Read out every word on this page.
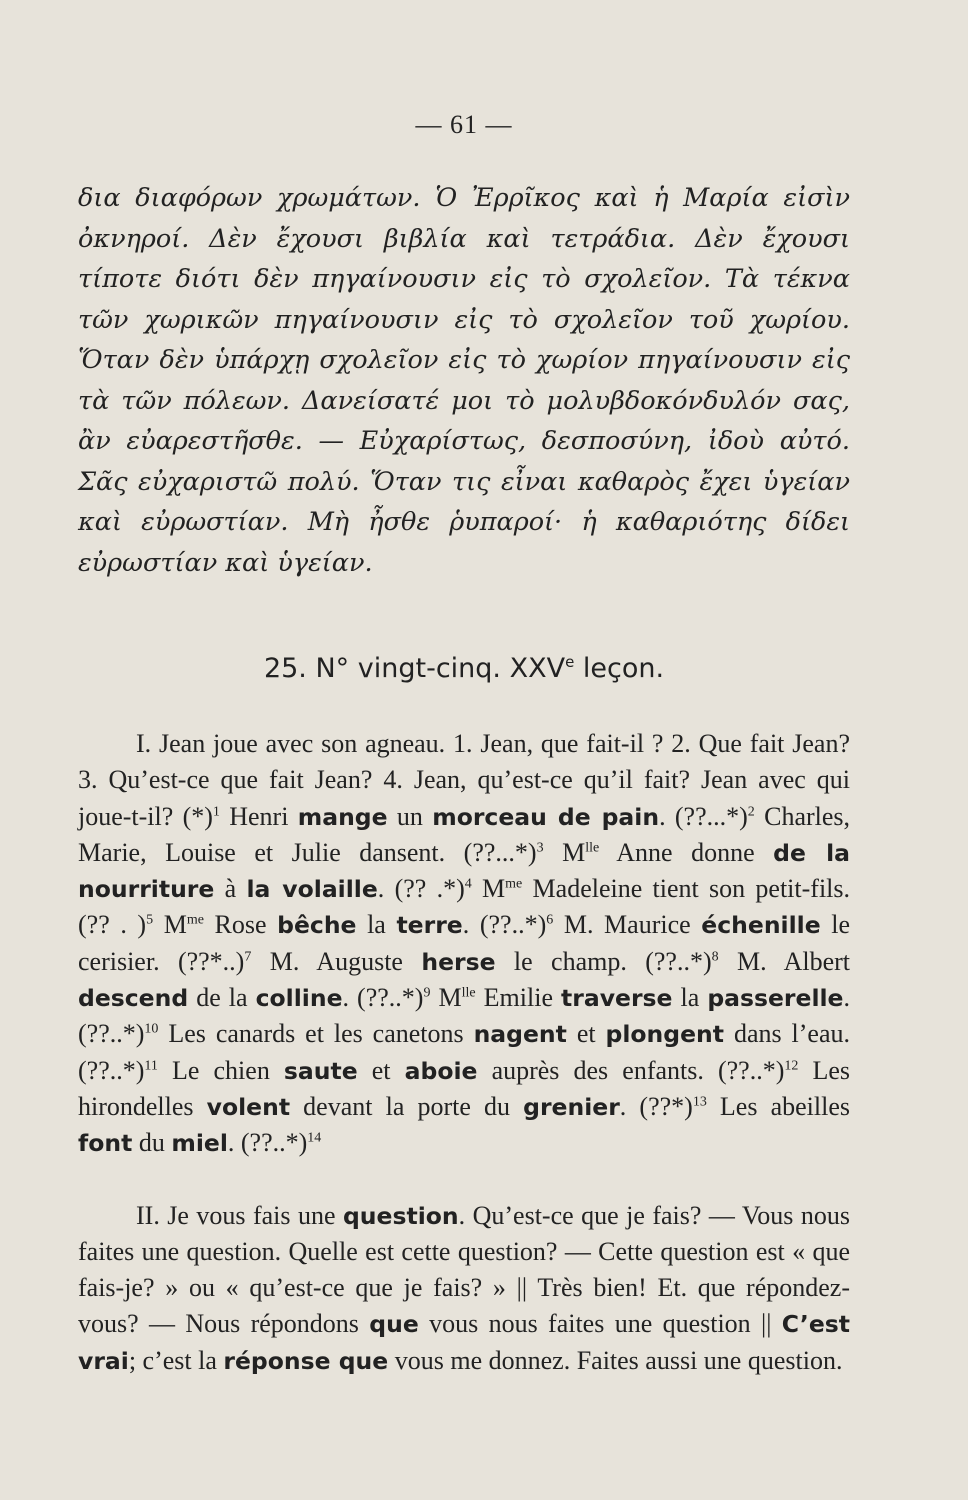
— 61 —

δια διαφόρων χρωμάτων. Ὁ Ἐρρῖκος καὶ ἡ Μαρία εἰσὶν ὀκνηροί. Δὲν ἔχουσι βιβλία καὶ τετράδια. Δὲν ἔχουσι τίποτε διότι δὲν πηγαίνουσιν εἰς τὸ σχολεῖον. Τὰ τέκνα τῶν χωρικῶν πηγαίνουσιν εἰς τὸ σχολεῖον τοῦ χωρίου. Ὅταν δὲν ὑπάρχῃ σχολεῖον εἰς τὸ χωρίον πηγαίνουσιν εἰς τὰ τῶν πόλεων. Δανείσατέ μοι τὸ μολυβδοκόνδυλόν σας, ἂν εὐαρεστῆσθε. — Εὐχαρίστως, δεσποσύνη, ἰδοὺ αὐτό. Σᾶς εὐχαριστῶ πολύ. Ὅταν τις εἶναι καθαρὸς ἔχει ὑγείαν καὶ εὐρωστίαν. Μὴ ἦσθε ῥυπαροί· ἡ καθαριότης δίδει εὐρωστίαν καὶ ὑγείαν.

25. N° vingt-cinq. XXVe leçon.

I. Jean joue avec son agneau. 1. Jean, que fait-il ? 2. Que fait Jean? 3. Qu’est-ce que fait Jean? 4. Jean, qu’est-ce qu’il fait? Jean avec qui joue-t-il? $(*)^1$ Henri mange un morceau de pain. (??...*)$^2$ Charles, Marie, Louise et Julie dansent. (??...*)$^3$ $M^{lle}$ Anne donne de la nourriture à la volaille. (?? .*)$^4$ $M^{me}$ Madeleine tient son petit-fils. (?? . )$^5$ $M^{me}$ Rose bêche la terre. (??..*)$^6$ M. Maurice échenille le cerisier. (??*..)$^7$ M. Auguste herse le champ. (??..*)$^8$ M. Albert descend de la colline. (??..*)$^9$ $M^{lle}$ Emilie traverse la passerelle. (??..*)$^{10}$ Les canards et les canetons nagent et plongent dans l’eau. (??..*)$^{11}$ Le chien saute et aboie auprès des enfants. (??..*)$^{12}$ Les hirondelles volent devant la porte du grenier. (??*)$^{13}$ Les abeilles font du miel. (??..*)$^{14}$

II. Je vous fais une question. Qu’est-ce que je fais? — Vous nous faites une question. Quelle est cette question? — Cette question est « que fais-je? » ou « qu’est-ce que je fais? » || Très bien! Et. que répondez-vous? — Nous répondons que vous nous faites une question || C’est vrai; c’est la réponse que vous me donnez. Faites aussi une question.
